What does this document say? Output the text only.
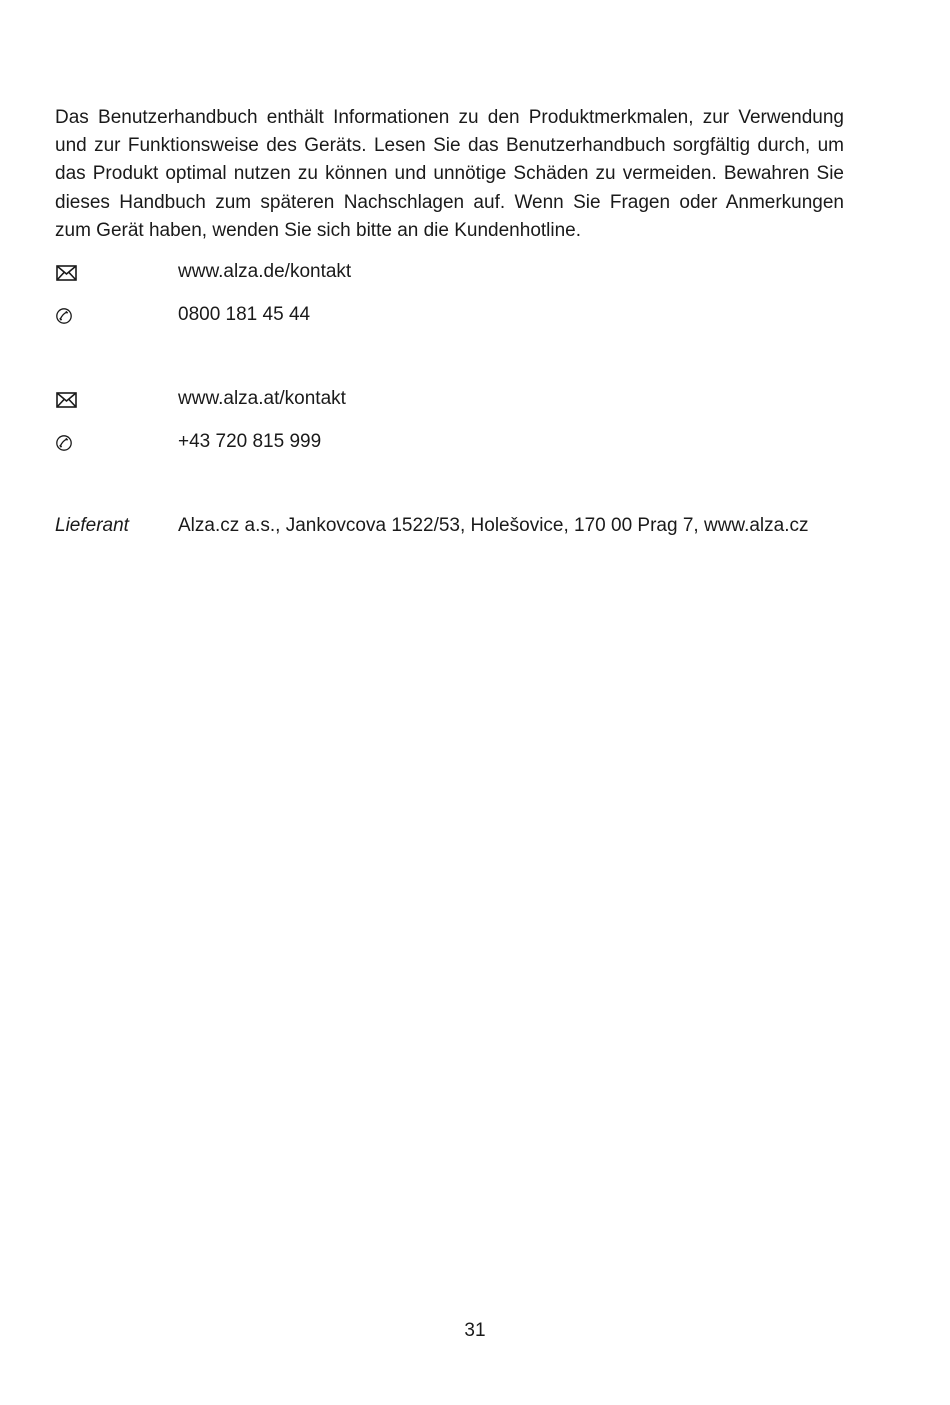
Das Benutzerhandbuch enthält Informationen zu den Produktmerkmalen, zur Verwendung und zur Funktionsweise des Geräts. Lesen Sie das Benutzerhandbuch sorgfältig durch, um das Produkt optimal nutzen zu können und unnötige Schäden zu vermeiden. Bewahren Sie dieses Handbuch zum späteren Nachschlagen auf. Wenn Sie Fragen oder Anmerkungen zum Gerät haben, wenden Sie sich bitte an die Kundenhotline.

www.alza.de/kontakt
0800 181 45 44
www.alza.at/kontakt
+43 720 815 999
Lieferant	Alza.cz a.s., Jankovcova 1522/53, Holešovice, 170 00 Prag 7, www.alza.cz
31
